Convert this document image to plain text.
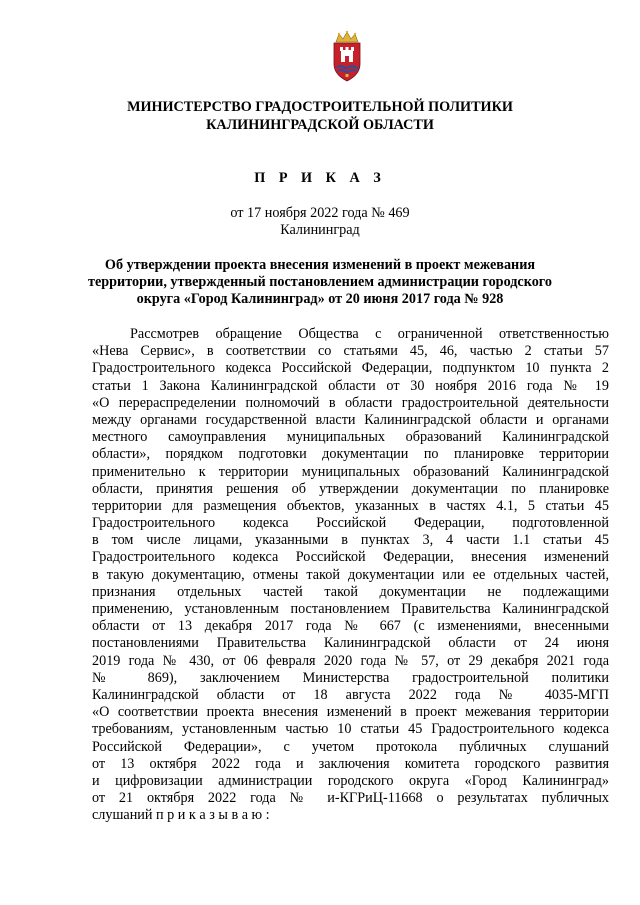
МИНИСТЕРСТВО ГРАДОСТРОИТЕЛЬНОЙ ПОЛИТИКИ
КАЛИНИНГРАДСКОЙ ОБЛАСТИ
П Р И К А З
от 17 ноября 2022 года № 469
Калининград
Об утверждении проекта внесения изменений в проект межевания
территории, утвержденный постановлением администрации городского
округа «Город Калининград» от 20 июня 2017 года № 928
Рассмотрев обращение Общества с ограниченной ответственностью
«Нева Сервис», в соответствии со статьями 45, 46, частью 2 статьи 57
Градостроительного кодекса Российской Федерации, подпунктом 10 пункта 2
статьи 1 Закона Калининградской области от 30 ноября 2016 года № 19
«О перераспределении полномочий в области градостроительной деятельности
между органами государственной власти Калининградской области и органами
местного самоуправления муниципальных образований Калининградской
области», порядком подготовки документации по планировке территории
применительно к территории муниципальных образований Калининградской
области, принятия решения об утверждении документации по планировке
территории для размещения объектов, указанных в частях 4.1, 5 статьи 45
Градостроительного кодекса Российской Федерации, подготовленной
в том числе лицами, указанными в пунктах 3, 4 части 1.1 статьи 45
Градостроительного кодекса Российской Федерации, внесения изменений
в такую документацию, отмены такой документации или ее отдельных частей,
признания отдельных частей такой документации не подлежащими
применению, установленным постановлением Правительства Калининградской
области от 13 декабря 2017 года № 667 (с изменениями, внесенными
постановлениями Правительства Калининградской области от 24 июня
2019 года № 430, от 06 февраля 2020 года № 57, от 29 декабря 2021 года
№ 869), заключением Министерства градостроительной политики
Калининградской области от 18 августа 2022 года № 4035-МГП
«О соответствии проекта внесения изменений в проект межевания территории
требованиям, установленным частью 10 статьи 45 Градостроительного кодекса
Российской Федерации», с учетом протокола публичных слушаний
от 13 октября 2022 года и заключения комитета городского развития
и цифровизации администрации городского округа «Город Калининград»
от 21 октября 2022 года № и-КГРиЦ-11668 о результатах публичных
слушаний п р и к а з ы в а ю :
